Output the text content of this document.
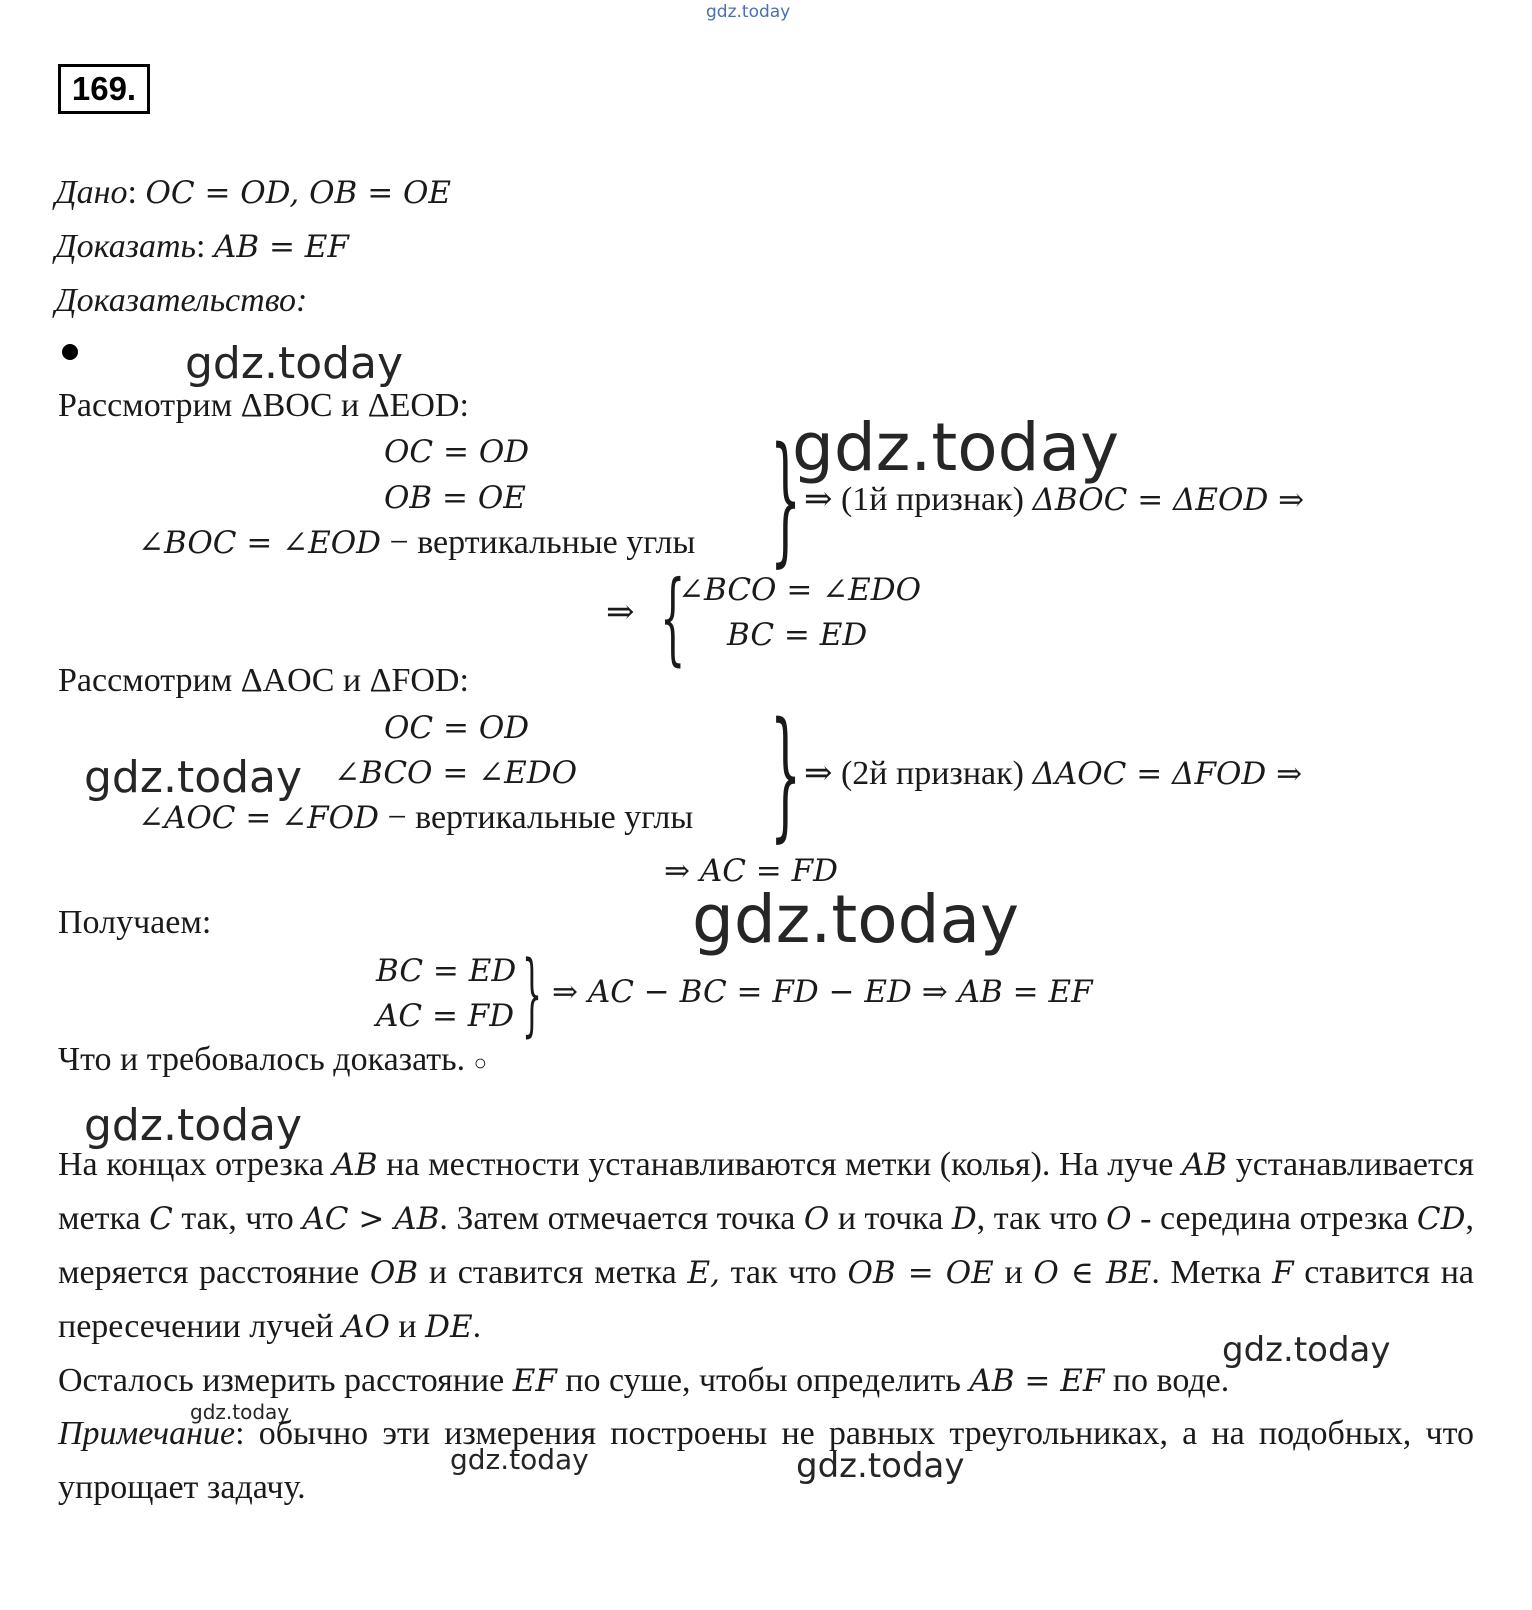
gdz.today
169.
Дано: OC = OD, OB = OE
Доказать: AB = EF
Доказательство:
gdz.today
gdz.today
gdz.today
gdz.today
gdz.today
gdz.today
gdz.today
gdz.today	gdz.today
Рассмотрим ΔBOC и ΔEOD:
OC = OD
OB = OE
∠BOC = ∠EOD − вертикальные углы } ⇒ (1й признак) ΔBOC = ΔEOD ⇒
⇒ {
∠BCO = ∠EDO
BC = ED
Рассмотрим ΔAOC и ΔFOD:
OC = OD
∠BCO = ∠EDO
∠AOC = ∠FOD − вертикальные углы } ⇒ (2й признак) ΔAOC = ΔFOD ⇒
⇒ AC = FD
Получаем:
BC = ED
AC = FD } ⇒ AC − BC = FD − ED ⇒ AB = EF
Что и требовалось доказать. ○
На концах отрезка AB на местности устанавливаются метки (колья). На луче AB устанавливается метка C так, что AC > AB. Затем отмечается точка O и точка D, так что O - середина отрезка CD, меряется расстояние OB и ставится метка E, так что OB = OE и O ∈ BE. Метка F ставится на пересечении лучей AO и DE.
Осталось измерить расстояние EF по суше, чтобы определить AB = EF по воде.
Примечание: обычно эти измерения построены не равных треугольниках, а на подобных, что упрощает задачу.
